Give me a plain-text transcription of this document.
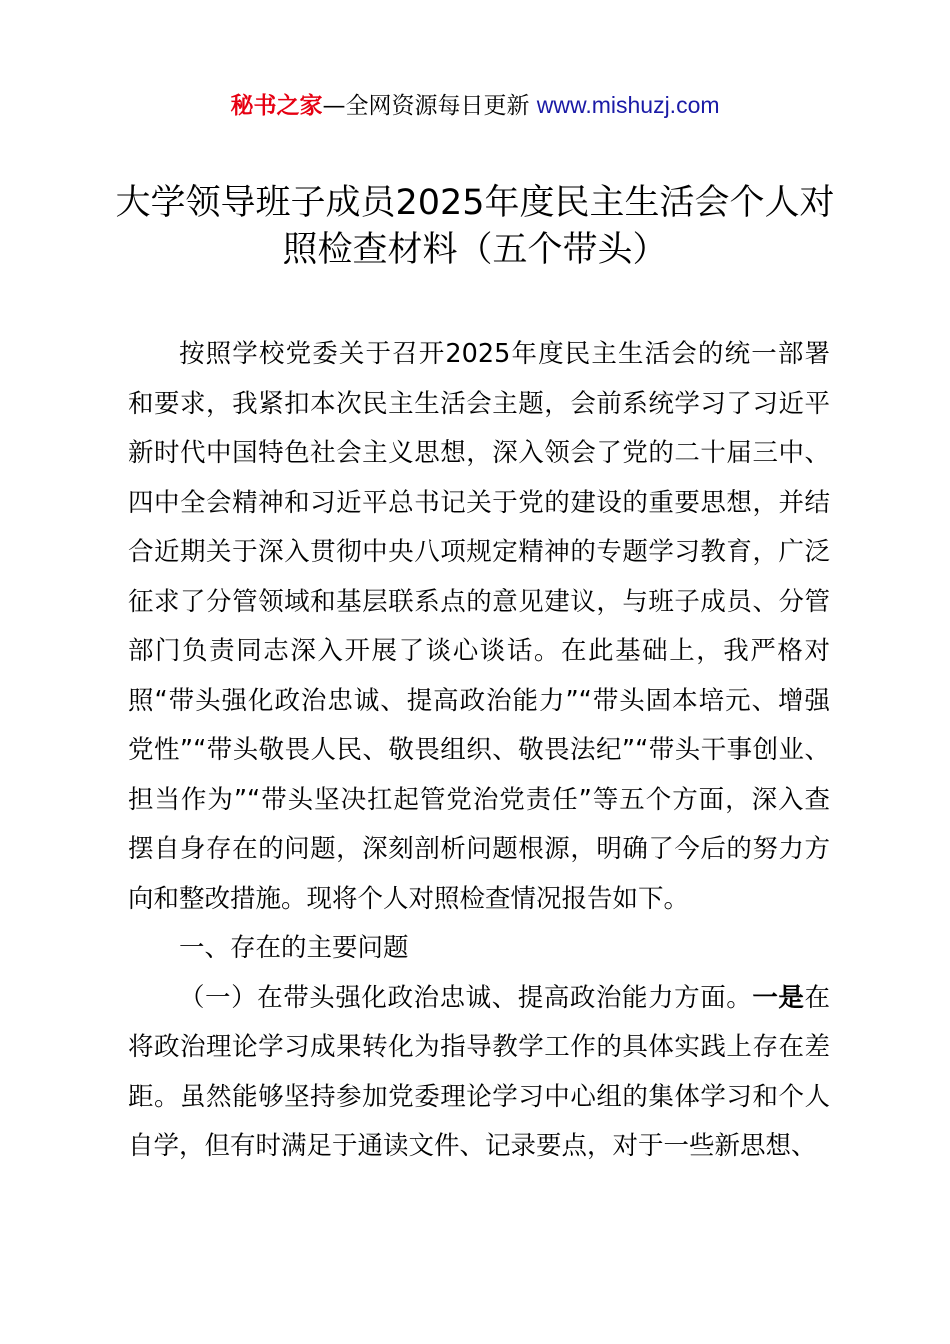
秘书之家—全网资源每日更新 www.mishuzj.com
大学领导班子成员2025年度民主生活会个人对照检查材料（五个带头）

按照学校党委关于召开2025年度民主生活会的统一部署和要求，我紧扣本次民主生活会主题，会前系统学习了习近平新时代中国特色社会主义思想，深入领会了党的二十届三中、四中全会精神和习近平总书记关于党的建设的重要思想，并结合近期关于深入贯彻中央八项规定精神的专题学习教育，广泛征求了分管领域和基层联系点的意见建议，与班子成员、分管部门负责同志深入开展了谈心谈话。在此基础上，我严格对照“带头强化政治忠诚、提高政治能力”“带头固本培元、增强党性”“带头敬畏人民、敬畏组织、敬畏法纪”“带头干事创业、担当作为”“带头坚决扛起管党治党责任”等五个方面，深入查摆自身存在的问题，深刻剖析问题根源，明确了今后的努力方向和整改措施。现将个人对照检查情况报告如下。

一、存在的主要问题

（一）在带头强化政治忠诚、提高政治能力方面。一是在将政治理论学习成果转化为指导教学工作的具体实践上存在差距。虽然能够坚持参加党委理论学习中心组的集体学习和个人自学，但有时满足于通读文件、记录要点，对于一些新思想、
